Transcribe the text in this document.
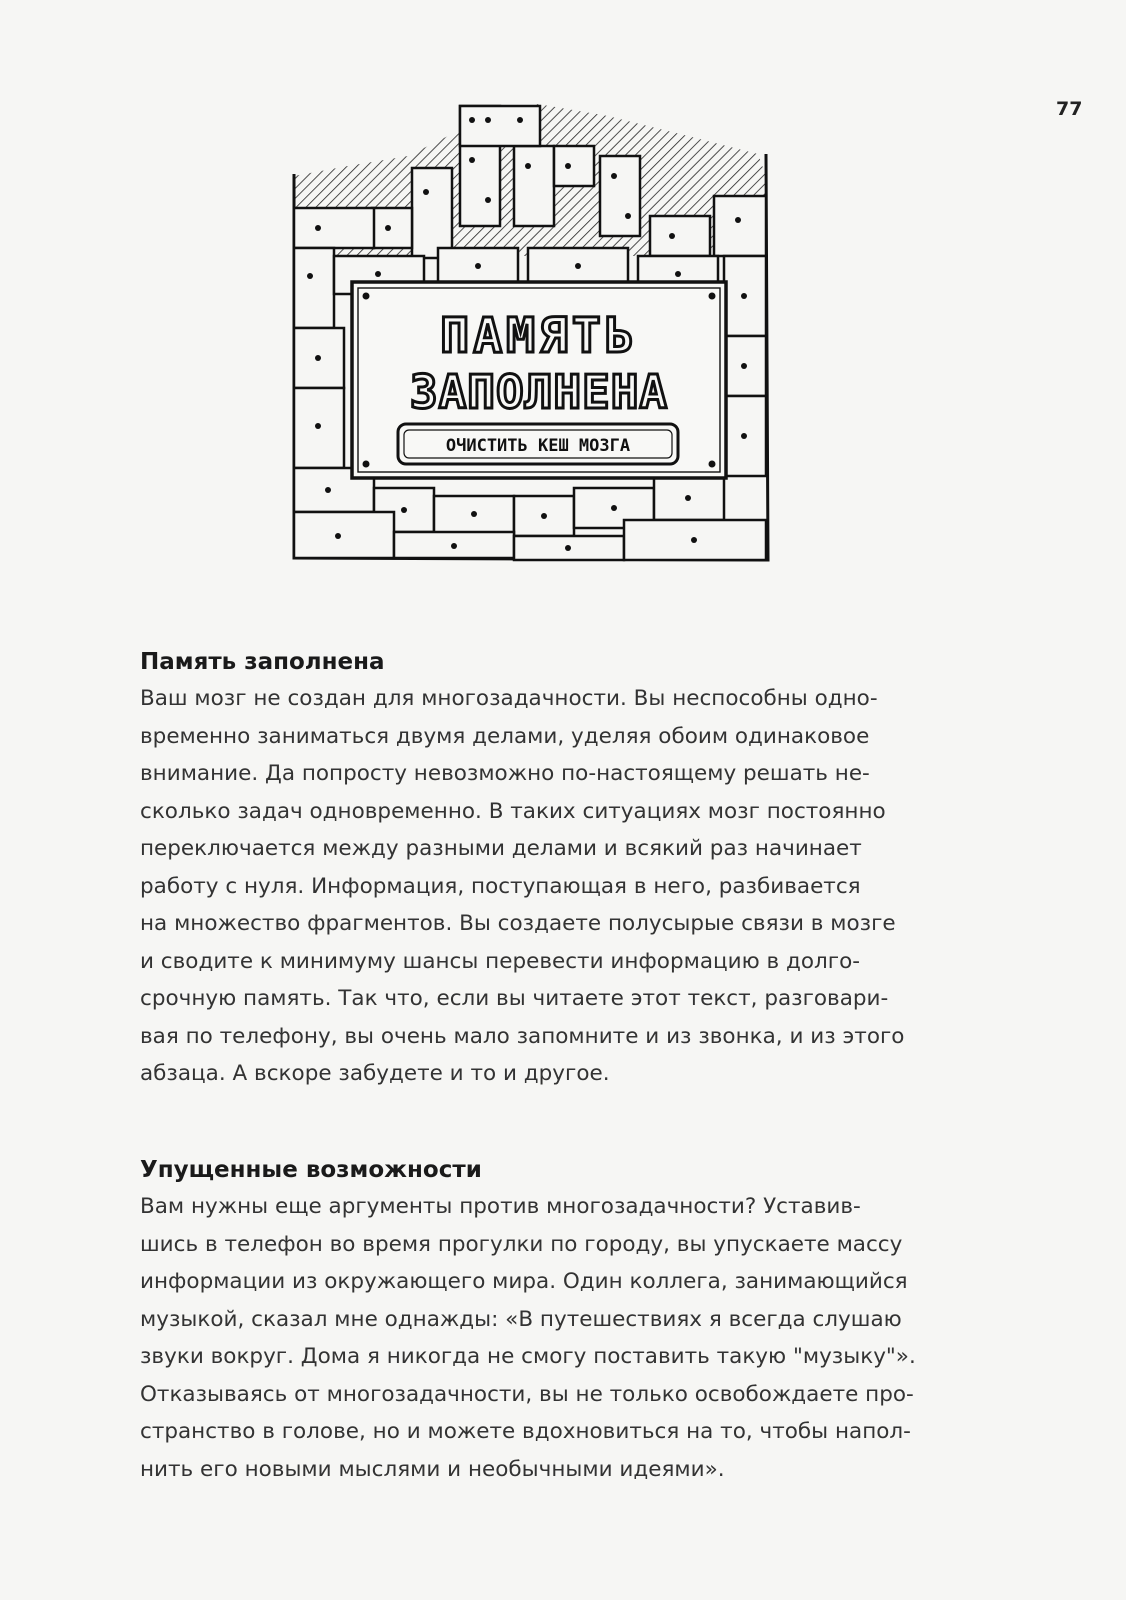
77
ПАМЯТЬ
ЗАПОЛНЕНА
ОЧИСТИТЬ КЕШ МОЗГА
Память заполнена
Ваш мозг не создан для многозадачности. Вы неспособны одно-
временно заниматься двумя делами, уделяя обоим одинаковое
внимание. Да попросту невозможно по-настоящему решать не-
сколько задач одновременно. В таких ситуациях мозг постоянно
переключается между разными делами и всякий раз начинает
работу с нуля. Информация, поступающая в него, разбивается
на множество фрагментов. Вы создаете полусырые связи в мозге
и сводите к минимуму шансы перевести информацию в долго-
срочную память. Так что, если вы читаете этот текст, разговари-
вая по телефону, вы очень мало запомните и из звонка, и из этого
абзаца. А вскоре забудете и то и другое.
Упущенные возможности
Вам нужны еще аргументы против многозадачности? Уставив-
шись в телефон во время прогулки по городу, вы упускаете массу
информации из окружающего мира. Один коллега, занимающийся
музыкой, сказал мне однажды: «В путешествиях я всегда слушаю
звуки вокруг. Дома я никогда не смогу поставить такую "музыку"».
Отказываясь от многозадачности, вы не только освобождаете про-
странство в голове, но и можете вдохновиться на то, чтобы напол-
нить его новыми мыслями и необычными идеями».
